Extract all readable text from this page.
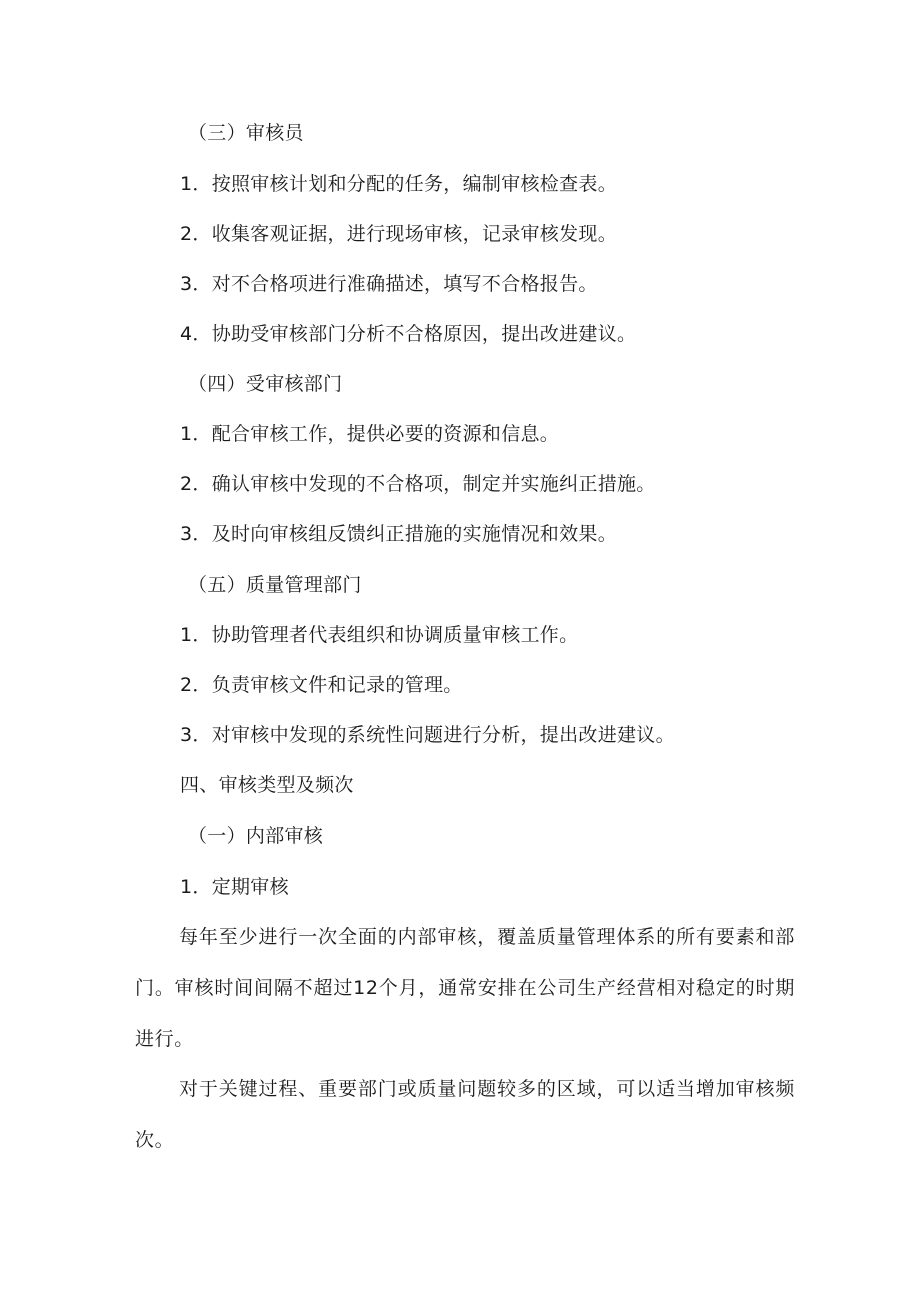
（三）审核员
1．按照审核计划和分配的任务，编制审核检查表。
2．收集客观证据，进行现场审核，记录审核发现。
3．对不合格项进行准确描述，填写不合格报告。
4．协助受审核部门分析不合格原因，提出改进建议。
（四）受审核部门
1．配合审核工作，提供必要的资源和信息。
2．确认审核中发现的不合格项，制定并实施纠正措施。
3．及时向审核组反馈纠正措施的实施情况和效果。
（五）质量管理部门
1．协助管理者代表组织和协调质量审核工作。
2．负责审核文件和记录的管理。
3．对审核中发现的系统性问题进行分析，提出改进建议。
四、审核类型及频次
（一）内部审核
1．定期审核
每年至少进行一次全面的内部审核，覆盖质量管理体系的所有要素和部门。审核时间间隔不超过12个月，通常安排在公司生产经营相对稳定的时期进行。
对于关键过程、重要部门或质量问题较多的区域，可以适当增加审核频次。
